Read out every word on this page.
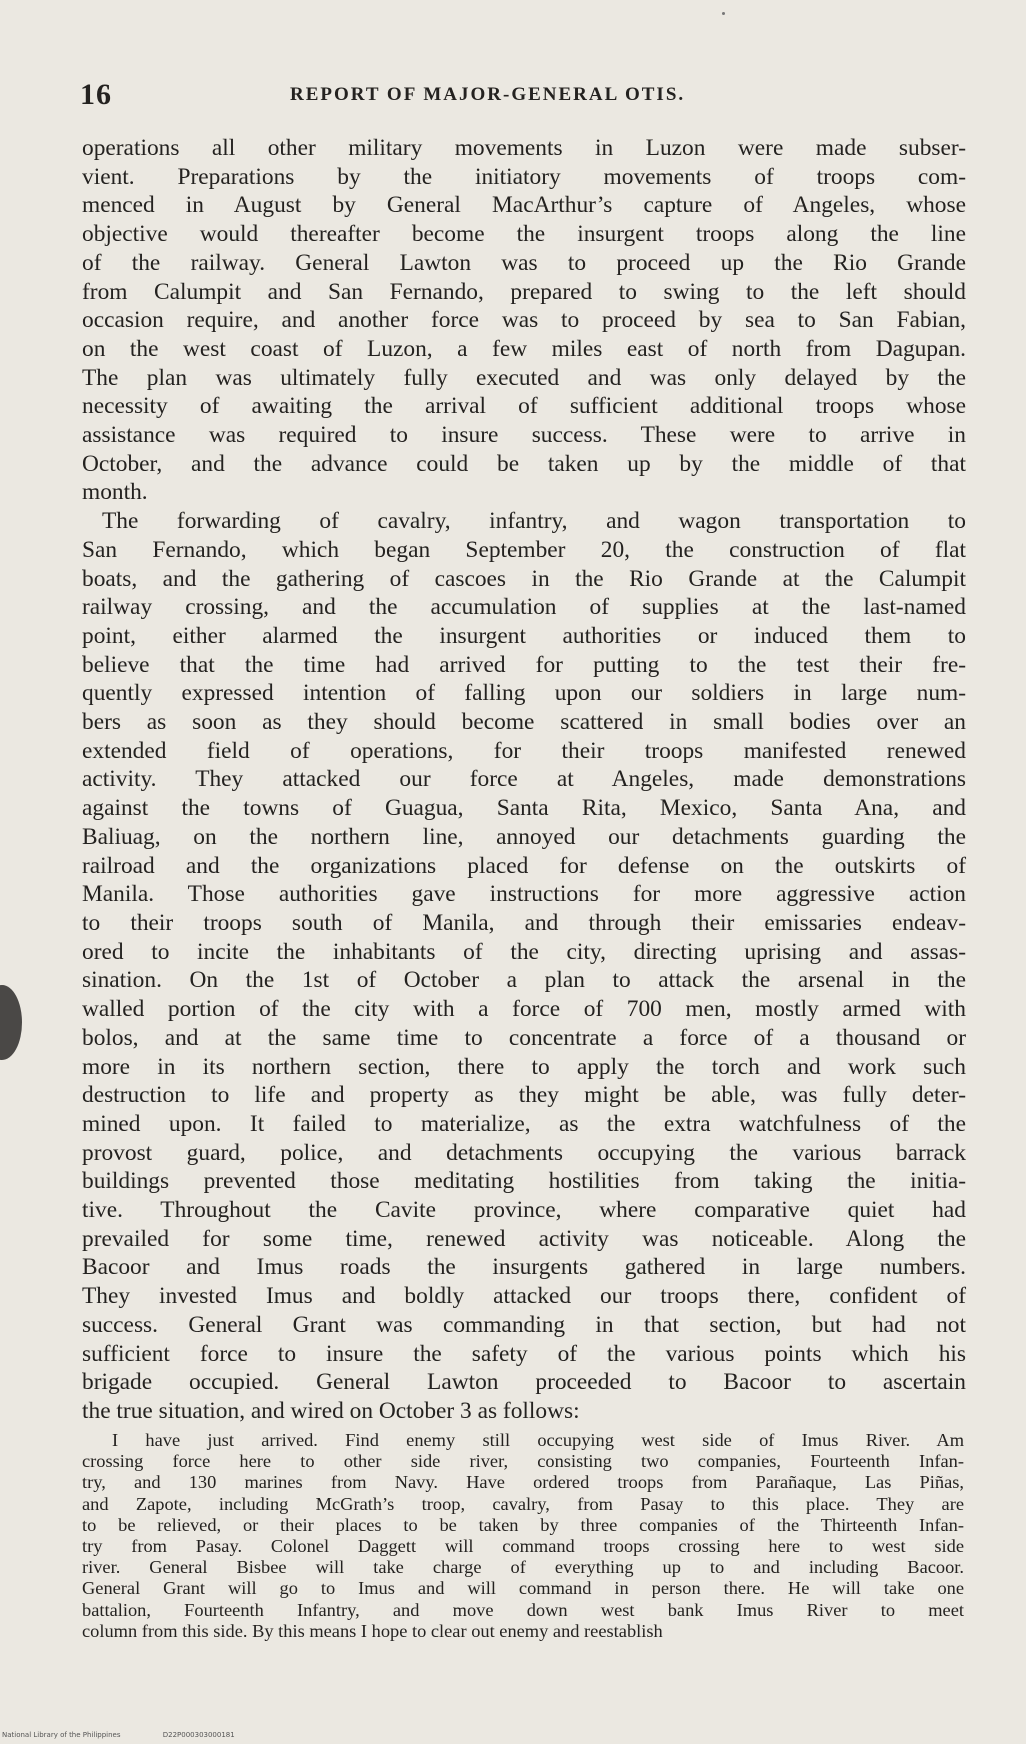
16	REPORT OF MAJOR-GENERAL OTIS.

operations all other military movements in Luzon were made subser-
vient. Preparations by the initiatory movements of troops com-
menced in August by General MacArthur’s capture of Angeles, whose
objective would thereafter become the insurgent troops along the line
of the railway. General Lawton was to proceed up the Rio Grande
from Calumpit and San Fernando, prepared to swing to the left should
occasion require, and another force was to proceed by sea to San Fabian,
on the west coast of Luzon, a few miles east of north from Dagupan.
The plan was ultimately fully executed and was only delayed by the
necessity of awaiting the arrival of sufficient additional troops whose
assistance was required to insure success. These were to arrive in
October, and the advance could be taken up by the middle of that
month.

The forwarding of cavalry, infantry, and wagon transportation to
San Fernando, which began September 20, the construction of flat
boats, and the gathering of cascoes in the Rio Grande at the Calumpit
railway crossing, and the accumulation of supplies at the last-named
point, either alarmed the insurgent authorities or induced them to
believe that the time had arrived for putting to the test their fre-
quently expressed intention of falling upon our soldiers in large num-
bers as soon as they should become scattered in small bodies over an
extended field of operations, for their troops manifested renewed
activity. They attacked our force at Angeles, made demonstrations
against the towns of Guagua, Santa Rita, Mexico, Santa Ana, and
Baliuag, on the northern line, annoyed our detachments guarding the
railroad and the organizations placed for defense on the outskirts of
Manila. Those authorities gave instructions for more aggressive action
to their troops south of Manila, and through their emissaries endeav-
ored to incite the inhabitants of the city, directing uprising and assas-
sination. On the 1st of October a plan to attack the arsenal in the
walled portion of the city with a force of 700 men, mostly armed with
bolos, and at the same time to concentrate a force of a thousand or
more in its northern section, there to apply the torch and work such
destruction to life and property as they might be able, was fully deter-
mined upon. It failed to materialize, as the extra watchfulness of the
provost guard, police, and detachments occupying the various barrack
buildings prevented those meditating hostilities from taking the initia-
tive. Throughout the Cavite province, where comparative quiet had
prevailed for some time, renewed activity was noticeable. Along the
Bacoor and Imus roads the insurgents gathered in large numbers.
They invested Imus and boldly attacked our troops there, confident of
success. General Grant was commanding in that section, but had not
sufficient force to insure the safety of the various points which his
brigade occupied. General Lawton proceeded to Bacoor to ascertain
the true situation, and wired on October 3 as follows:

I have just arrived. Find enemy still occupying west side of Imus River. Am
crossing force here to other side river, consisting two companies, Fourteenth Infan-
try, and 130 marines from Navy. Have ordered troops from Parañaque, Las Piñas,
and Zapote, including McGrath’s troop, cavalry, from Pasay to this place. They are
to be relieved, or their places to be taken by three companies of the Thirteenth Infan-
try from Pasay. Colonel Daggett will command troops crossing here to west side
river. General Bisbee will take charge of everything up to and including Bacoor.
General Grant will go to Imus and will command in person there. He will take one
battalion, Fourteenth Infantry, and move down west bank Imus River to meet
column from this side. By this means I hope to clear out enemy and reestablish
National Library of the Philippines	D22P000303000181
